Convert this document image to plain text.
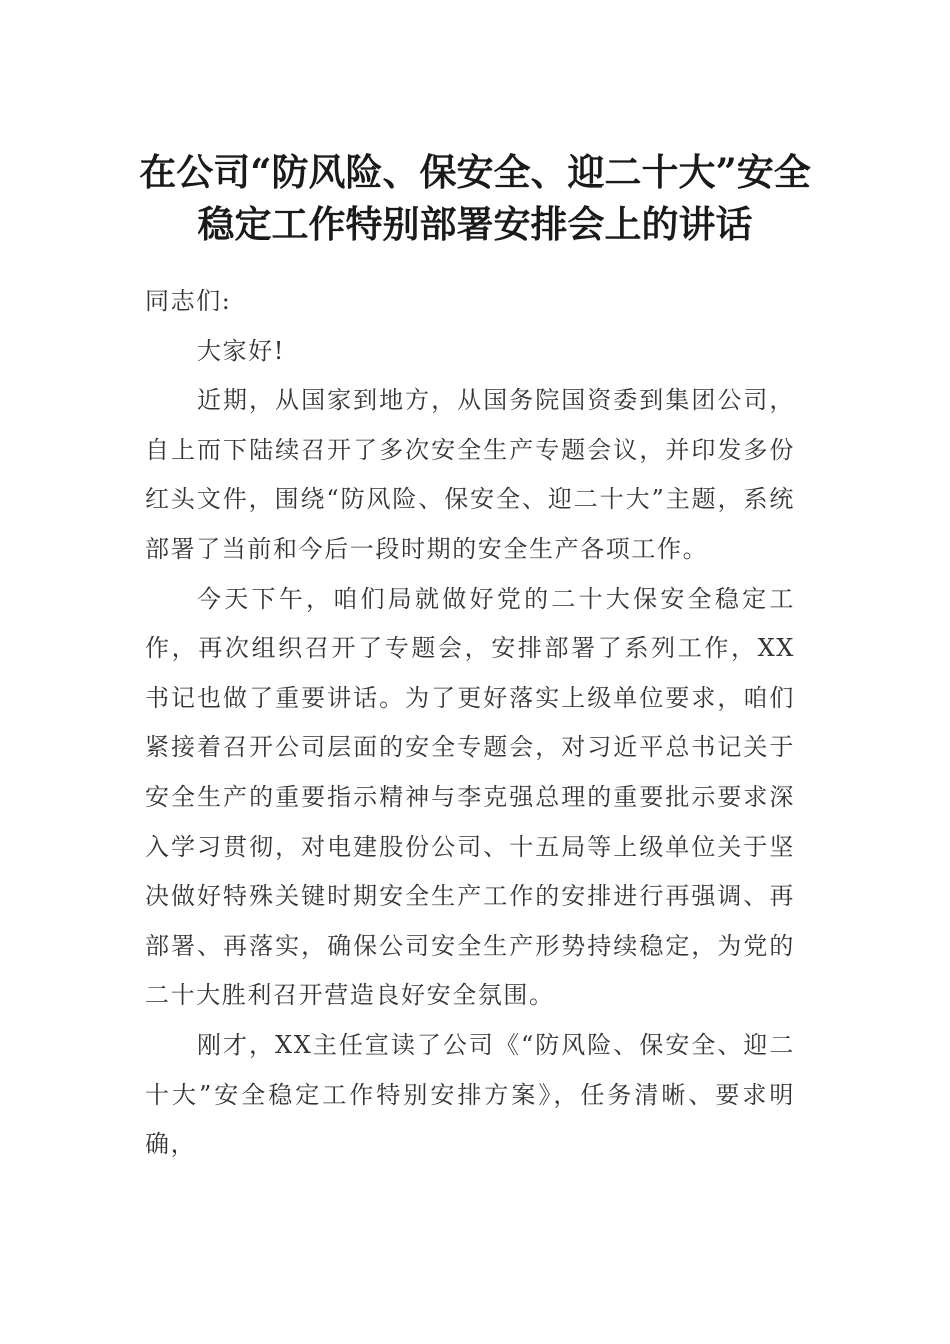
在公司“防风险、保安全、迎二十大”安全
稳定工作特别部署安排会上的讲话

同志们:

大家好!

近期，从国家到地方，从国务院国资委到集团公司，自上而下陆续召开了多次安全生产专题会议，并印发多份红头文件，围绕“防风险、保安全、迎二十大”主题，系统部署了当前和今后一段时期的安全生产各项工作。

今天下午，咱们局就做好党的二十大保安全稳定工作，再次组织召开了专题会，安排部署了系列工作，XX书记也做了重要讲话。为了更好落实上级单位要求，咱们紧接着召开公司层面的安全专题会，对习近平总书记关于安全生产的重要指示精神与李克强总理的重要批示要求深入学习贯彻，对电建股份公司、十五局等上级单位关于坚决做好特殊关键时期安全生产工作的安排进行再强调、再部署、再落实，确保公司安全生产形势持续稳定，为党的二十大胜利召开营造良好安全氛围。

刚才，XX主任宣读了公司《“防风险、保安全、迎二十大”安全稳定工作特别安排方案》，任务清晰、要求明确，
